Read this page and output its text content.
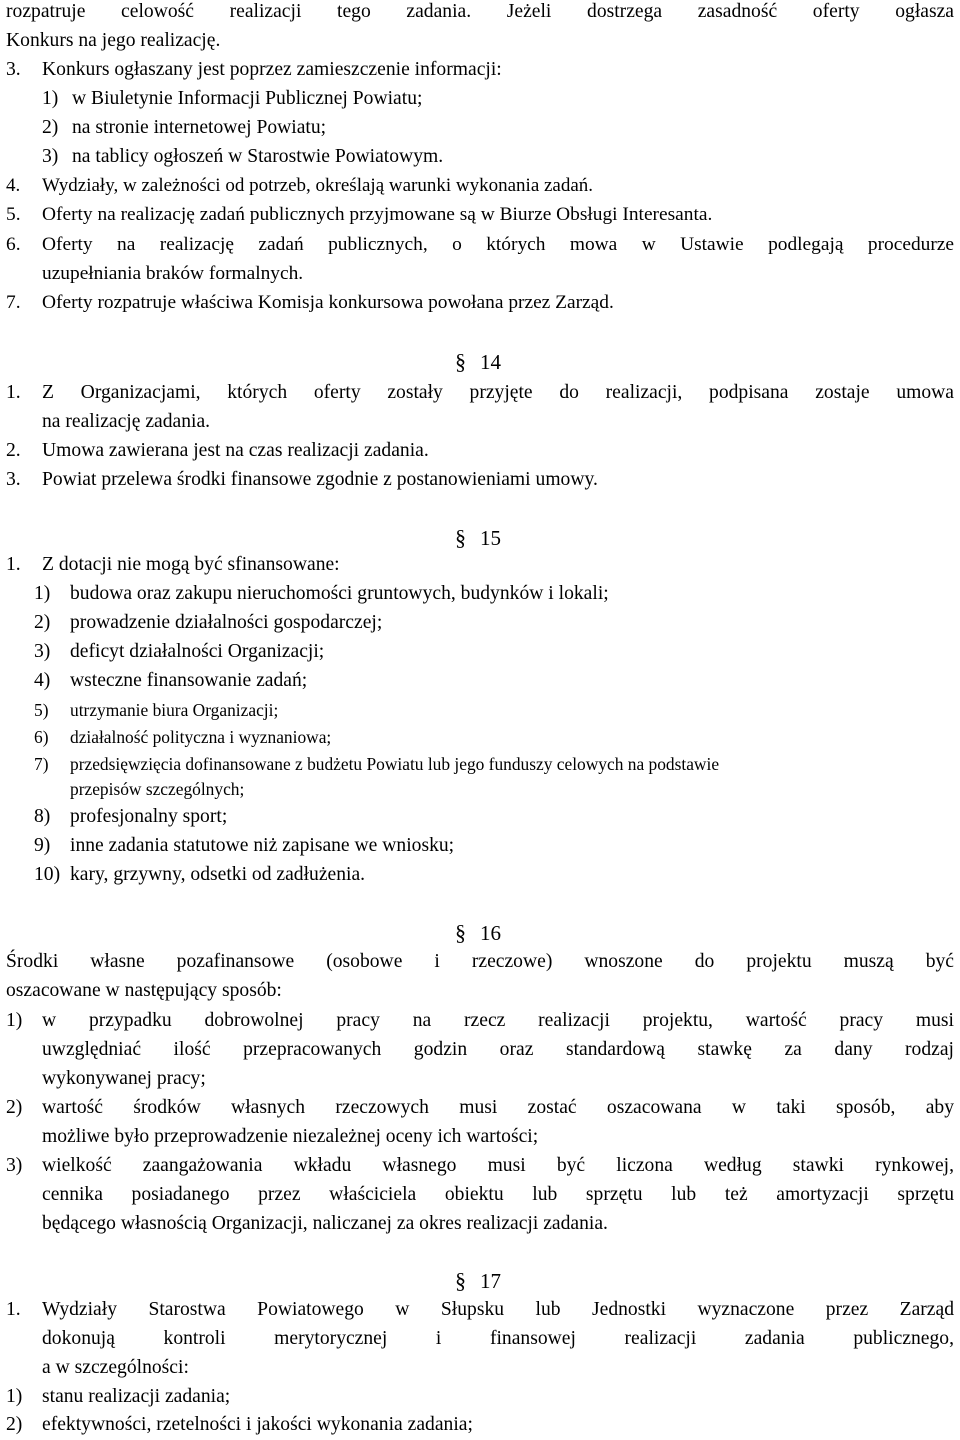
rozpatruje celowość realizacji tego zadania. Jeżeli dostrzega zasadność oferty ogłasza
Konkurs na jego realizację.
3. Konkurs ogłaszany jest poprzez zamieszczenie informacji:
1) w Biuletynie Informacji Publicznej Powiatu;
2) na stronie internetowej Powiatu;
3) na tablicy ogłoszeń w Starostwie Powiatowym.
4. Wydziały, w zależności od potrzeb, określają warunki wykonania zadań.
5. Oferty na realizację zadań publicznych przyjmowane są w Biurze Obsługi Interesanta.
6. Oferty na realizację zadań publicznych, o których mowa w Ustawie podlegają procedurze
uzupełniania braków formalnych.
7. Oferty rozpatruje właściwa Komisja konkursowa powołana przez Zarząd.
§ 14
1. Z Organizacjami, których oferty zostały przyjęte do realizacji, podpisana zostaje umowa
na realizację zadania.
2. Umowa zawierana jest na czas realizacji zadania.
3. Powiat przelewa środki finansowe zgodnie z postanowieniami umowy.
§ 15
1. Z dotacji nie mogą być sfinansowane:
1) budowa oraz zakupu nieruchomości gruntowych, budynków i lokali;
2) prowadzenie działalności gospodarczej;
3) deficyt działalności Organizacji;
4) wsteczne finansowanie zadań;
5) utrzymanie biura Organizacji;
6) działalność polityczna i wyznaniowa;
7) przedsięwzięcia dofinansowane z budżetu Powiatu lub jego funduszy celowych na podstawie
przepisów szczególnych;
8) profesjonalny sport;
9) inne zadania statutowe niż zapisane we wniosku;
10) kary, grzywny, odsetki od zadłużenia.
§ 16
Środki własne pozafinansowe (osobowe i rzeczowe) wnoszone do projektu muszą być
oszacowane w następujący sposób:
1) w przypadku dobrowolnej pracy na rzecz realizacji projektu, wartość pracy musi
uwzględniać ilość przepracowanych godzin oraz standardową stawkę za dany rodzaj
wykonywanej pracy;
2) wartość środków własnych rzeczowych musi zostać oszacowana w taki sposób, aby
możliwe było przeprowadzenie niezależnej oceny ich wartości;
3) wielkość zaangażowania wkładu własnego musi być liczona według stawki rynkowej,
cennika posiadanego przez właściciela obiektu lub sprzętu lub też amortyzacji sprzętu
będącego własnością Organizacji, naliczanej za okres realizacji zadania.
§ 17
1. Wydziały Starostwa Powiatowego w Słupsku lub Jednostki wyznaczone przez Zarząd
dokonują kontroli merytorycznej i finansowej realizacji zadania publicznego,
a w szczególności:
1) stanu realizacji zadania;
2) efektywności, rzetelności i jakości wykonania zadania;
